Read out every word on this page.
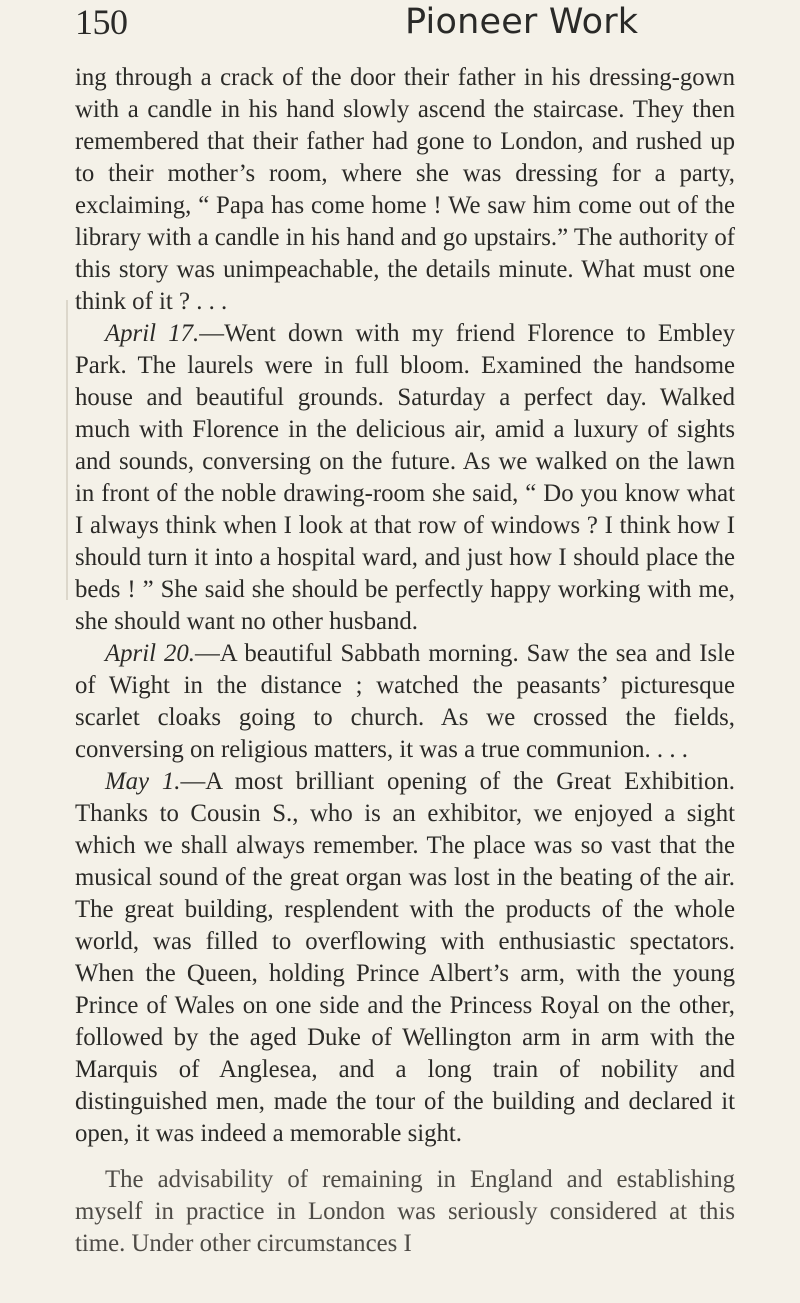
150	Pioneer Work

ing through a crack of the door their father in his dressing-gown with a candle in his hand slowly ascend the staircase. They then remembered that their father had gone to London, and rushed up to their mother’s room, where she was dressing for a party, exclaiming, “ Papa has come home ! We saw him come out of the library with a candle in his hand and go upstairs.” The authority of this story was unimpeachable, the details minute. What must one think of it ? . . .

April 17.—Went down with my friend Florence to Embley Park. The laurels were in full bloom. Examined the handsome house and beautiful grounds. Saturday a perfect day. Walked much with Florence in the delicious air, amid a luxury of sights and sounds, conversing on the future. As we walked on the lawn in front of the noble drawing-room she said, “ Do you know what I always think when I look at that row of windows ? I think how I should turn it into a hospital ward, and just how I should place the beds ! ” She said she should be perfectly happy working with me, she should want no other husband.

April 20.—A beautiful Sabbath morning. Saw the sea and Isle of Wight in the distance ; watched the peasants’ picturesque scarlet cloaks going to church. As we crossed the fields, conversing on religious matters, it was a true communion. . . .

May 1.—A most brilliant opening of the Great Exhibition. Thanks to Cousin S., who is an exhibitor, we enjoyed a sight which we shall always remember. The place was so vast that the musical sound of the great organ was lost in the beating of the air. The great building, resplendent with the products of the whole world, was filled to overflowing with enthusiastic spectators. When the Queen, holding Prince Albert’s arm, with the young Prince of Wales on one side and the Princess Royal on the other, followed by the aged Duke of Wellington arm in arm with the Marquis of Anglesea, and a long train of nobility and distinguished men, made the tour of the building and declared it open, it was indeed a memorable sight.

The advisability of remaining in England and establishing myself in practice in London was seriously considered at this time. Under other circumstances I
